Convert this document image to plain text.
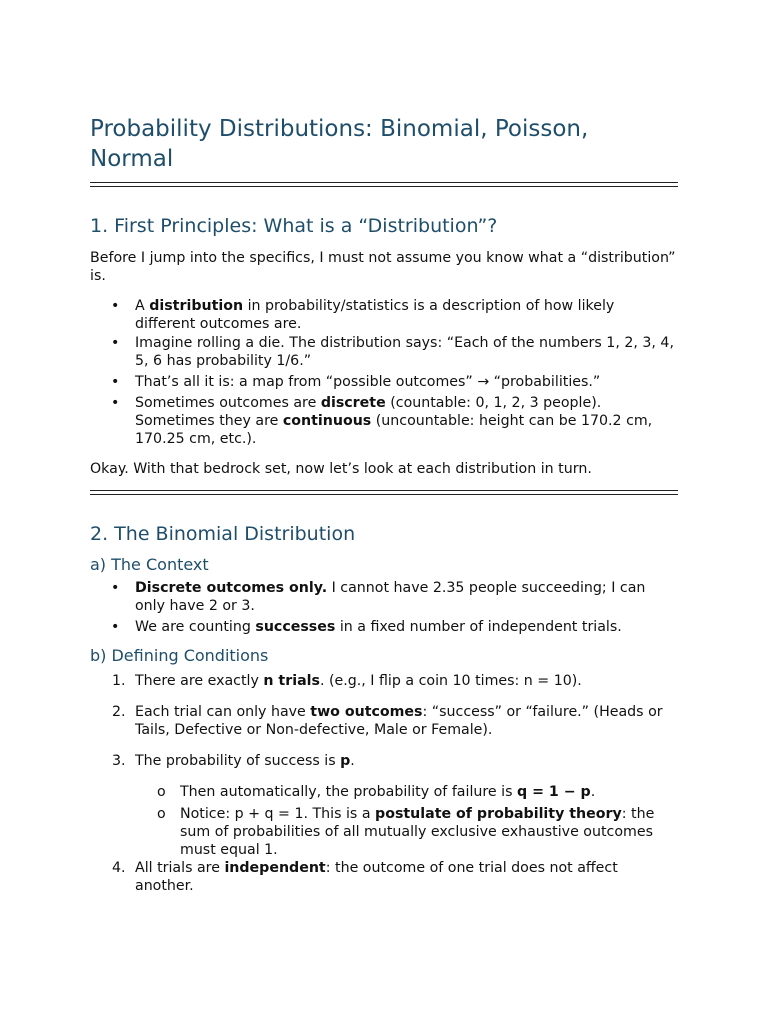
Probability Distributions: Binomial, Poisson, Normal
1. First Principles: What is a “Distribution”?

Before I jump into the specifics, I must not assume you know what a “distribution” is.

• A distribution in probability/statistics is a description of how likely different outcomes are.
• Imagine rolling a die. The distribution says: “Each of the numbers 1, 2, 3, 4, 5, 6 has probability 1/6.”
• That’s all it is: a map from “possible outcomes” → “probabilities.”
• Sometimes outcomes are discrete (countable: 0, 1, 2, 3 people). Sometimes they are continuous (uncountable: height can be 170.2 cm, 170.25 cm, etc.).

Okay. With that bedrock set, now let’s look at each distribution in turn.

2. The Binomial Distribution
a) The Context
• Discrete outcomes only. I cannot have 2.35 people succeeding; I can only have 2 or 3.
• We are counting successes in a fixed number of independent trials.
b) Defining Conditions
1. There are exactly n trials. (e.g., I flip a coin 10 times: n = 10).
2. Each trial can only have two outcomes: “success” or “failure.” (Heads or Tails, Defective or Non-defective, Male or Female).
3. The probability of success is p.
o Then automatically, the probability of failure is q = 1 − p.
o Notice: p + q = 1. This is a postulate of probability theory: the sum of probabilities of all mutually exclusive exhaustive outcomes must equal 1.
4. All trials are independent: the outcome of one trial does not affect another.
